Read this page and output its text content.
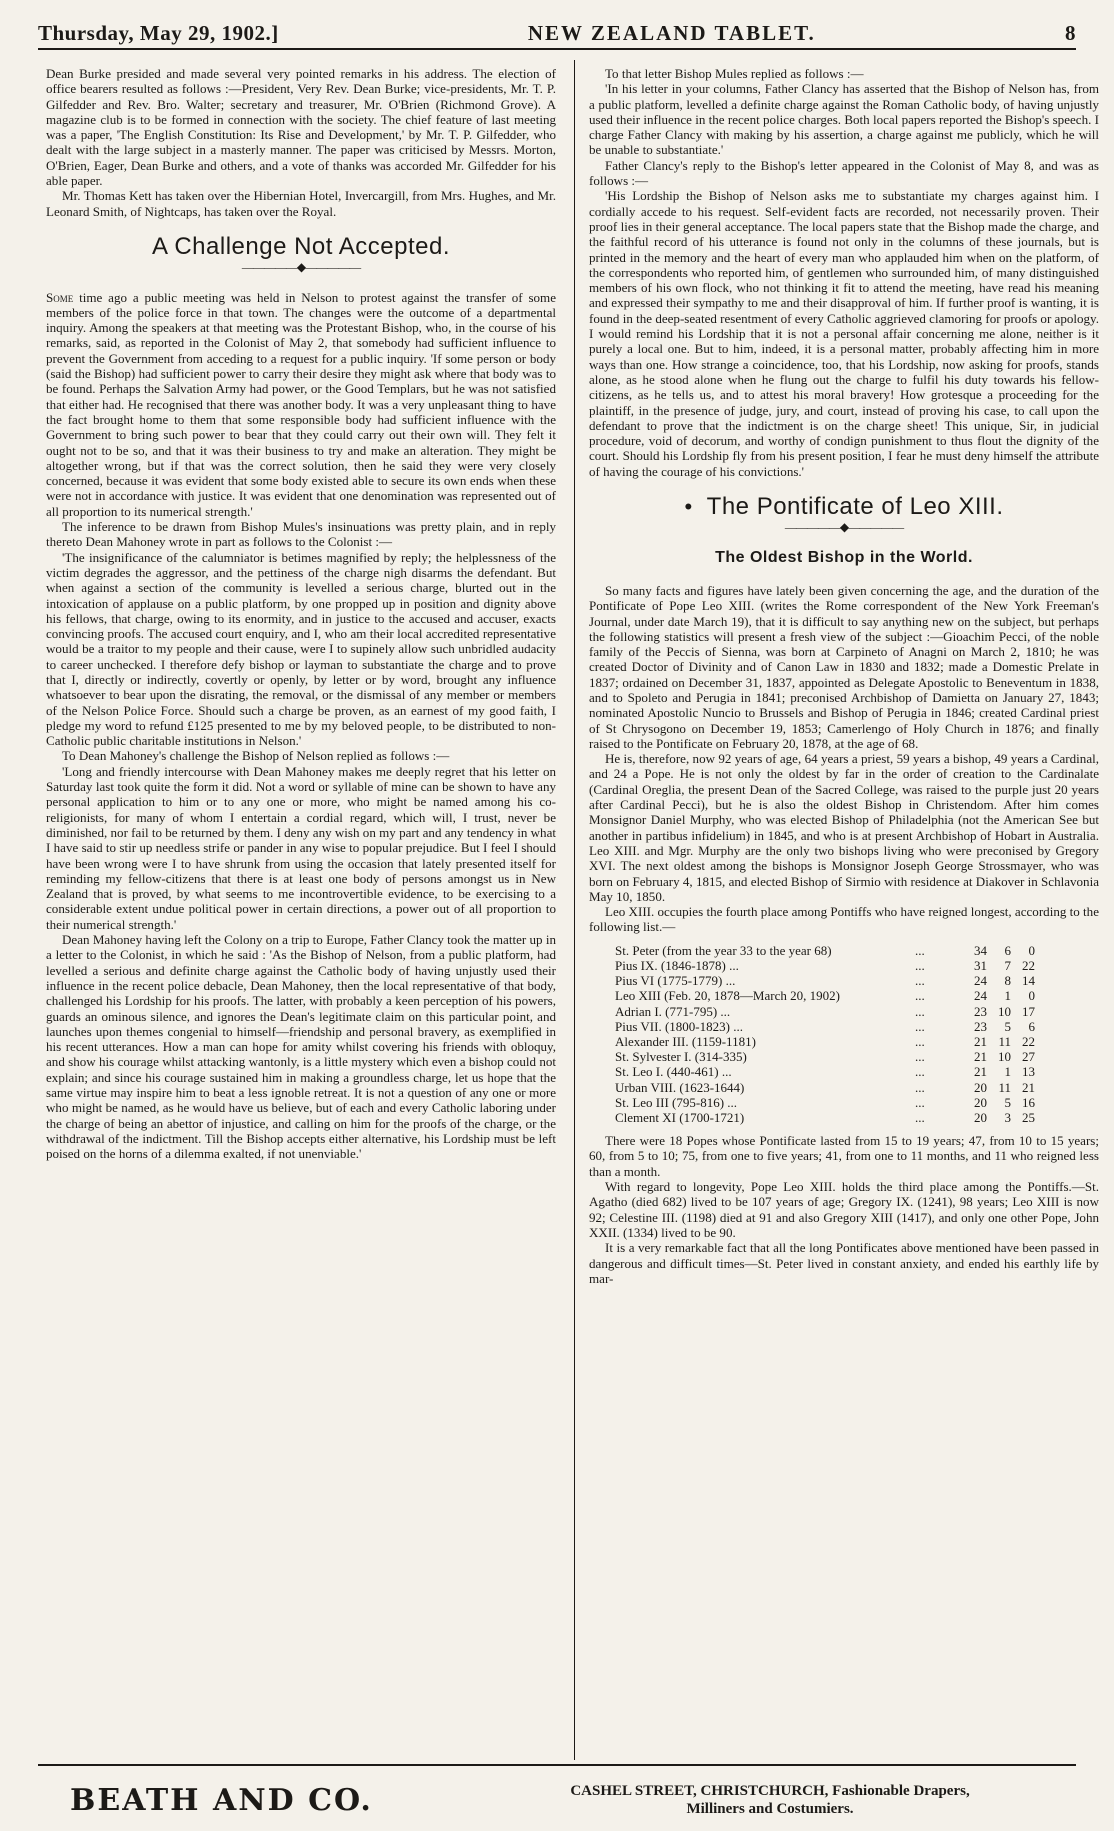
Thursday, May 29, 1902.]	NEW ZEALAND TABLET.	8

Dean Burke presided and made several very pointed remarks in his address. The election of office bearers resulted as follows :—President, Very Rev. Dean Burke; vice-presidents, Mr. T. P. Gilfedder and Rev. Bro. Walter; secretary and treasurer, Mr. O'Brien (Richmond Grove). A magazine club is to be formed in connection with the society. The chief feature of last meeting was a paper, 'The English Constitution: Its Rise and Development,' by Mr. T. P. Gilfedder, who dealt with the large subject in a masterly manner. The paper was criticised by Messrs. Morton, O'Brien, Eager, Dean Burke and others, and a vote of thanks was accorded Mr. Gilfedder for his able paper.

Mr. Thomas Kett has taken over the Hibernian Hotel, Invercargill, from Mrs. Hughes, and Mr. Leonard Smith, of Nightcaps, has taken over the Royal.

A Challenge Not Accepted.
—————◆—————

Some time ago a public meeting was held in Nelson to protest against the transfer of some members of the police force in that town. The changes were the outcome of a departmental inquiry. Among the speakers at that meeting was the Protestant Bishop, who, in the course of his remarks, said, as reported in the Colonist of May 2, that somebody had sufficient influence to prevent the Government from acceding to a request for a public inquiry. 'If some person or body (said the Bishop) had sufficient power to carry their desire they might ask where that body was to be found. Perhaps the Salvation Army had power, or the Good Templars, but he was not satisfied that either had. He recognised that there was another body. It was a very unpleasant thing to have the fact brought home to them that some responsible body had sufficient influence with the Government to bring such power to bear that they could carry out their own will. They felt it ought not to be so, and that it was their business to try and make an alteration. They might be altogether wrong, but if that was the correct solution, then he said they were very closely concerned, because it was evident that some body existed able to secure its own ends when these were not in accordance with justice. It was evident that one denomination was represented out of all proportion to its numerical strength.'

The inference to be drawn from Bishop Mules's insinuations was pretty plain, and in reply thereto Dean Mahoney wrote in part as follows to the Colonist :—

'The insignificance of the calumniator is betimes magnified by reply; the helplessness of the victim degrades the aggressor, and the pettiness of the charge nigh disarms the defendant. But when against a section of the community is levelled a serious charge, blurted out in the intoxication of applause on a public platform, by one propped up in position and dignity above his fellows, that charge, owing to its enormity, and in justice to the accused and accuser, exacts convincing proofs. The accused court enquiry, and I, who am their local accredited representative would be a traitor to my people and their cause, were I to supinely allow such unbridled audacity to career unchecked. I therefore defy bishop or layman to substantiate the charge and to prove that I, directly or indirectly, covertly or openly, by letter or by word, brought any influence whatsoever to bear upon the disrating, the removal, or the dismissal of any member or members of the Nelson Police Force. Should such a charge be proven, as an earnest of my good faith, I pledge my word to refund £125 presented to me by my beloved people, to be distributed to non-Catholic public charitable institutions in Nelson.'

To Dean Mahoney's challenge the Bishop of Nelson replied as follows :—

'Long and friendly intercourse with Dean Mahoney makes me deeply regret that his letter on Saturday last took quite the form it did. Not a word or syllable of mine can be shown to have any personal application to him or to any one or more, who might be named among his co-religionists, for many of whom I entertain a cordial regard, which will, I trust, never be diminished, nor fail to be returned by them. I deny any wish on my part and any tendency in what I have said to stir up needless strife or pander in any wise to popular prejudice. But I feel I should have been wrong were I to have shrunk from using the occasion that lately presented itself for reminding my fellow-citizens that there is at least one body of persons amongst us in New Zealand that is proved, by what seems to me incontrovertible evidence, to be exercising to a considerable extent undue political power in certain directions, a power out of all proportion to their numerical strength.'

Dean Mahoney having left the Colony on a trip to Europe, Father Clancy took the matter up in a letter to the Colonist, in which he said : 'As the Bishop of Nelson, from a public platform, had levelled a serious and definite charge against the Catholic body of having unjustly used their influence in the recent police debacle, Dean Mahoney, then the local representative of that body, challenged his Lordship for his proofs. The latter, with probably a keen perception of his powers, guards an ominous silence, and ignores the Dean's legitimate claim on this particular point, and launches upon themes congenial to himself—friendship and personal bravery, as exemplified in his recent utterances. How a man can hope for amity whilst covering his friends with obloquy, and show his courage whilst attacking wantonly, is a little mystery which even a bishop could not explain; and since his courage sustained him in making a groundless charge, let us hope that the same virtue may inspire him to beat a less ignoble retreat. It is not a question of any one or more who might be named, as he would have us believe, but of each and every Catholic laboring under the charge of being an abettor of injustice, and calling on him for the proofs of the charge, or the withdrawal of the indictment. Till the Bishop accepts either alternative, his Lordship must be left poised on the horns of a dilemma exalted, if not unenviable.'

To that letter Bishop Mules replied as follows :—

'In his letter in your columns, Father Clancy has asserted that the Bishop of Nelson has, from a public platform, levelled a definite charge against the Roman Catholic body, of having unjustly used their influence in the recent police charges. Both local papers reported the Bishop's speech. I charge Father Clancy with making by his assertion, a charge against me publicly, which he will be unable to substantiate.'

Father Clancy's reply to the Bishop's letter appeared in the Colonist of May 8, and was as follows :—

'His Lordship the Bishop of Nelson asks me to substantiate my charges against him. I cordially accede to his request. Self-evident facts are recorded, not necessarily proven. Their proof lies in their general acceptance. The local papers state that the Bishop made the charge, and the faithful record of his utterance is found not only in the columns of these journals, but is printed in the memory and the heart of every man who applauded him when on the platform, of the correspondents who reported him, of gentlemen who surrounded him, of many distinguished members of his own flock, who not thinking it fit to attend the meeting, have read his meaning and expressed their sympathy to me and their disapproval of him. If further proof is wanting, it is found in the deep-seated resentment of every Catholic aggrieved clamoring for proofs or apology. I would remind his Lordship that it is not a personal affair concerning me alone, neither is it purely a local one. But to him, indeed, it is a personal matter, probably affecting him in more ways than one. How strange a coincidence, too, that his Lordship, now asking for proofs, stands alone, as he stood alone when he flung out the charge to fulfil his duty towards his fellow-citizens, as he tells us, and to attest his moral bravery! How grotesque a proceeding for the plaintiff, in the presence of judge, jury, and court, instead of proving his case, to call upon the defendant to prove that the indictment is on the charge sheet! This unique, Sir, in judicial procedure, void of decorum, and worthy of condign punishment to thus flout the dignity of the court. Should his Lordship fly from his present position, I fear he must deny himself the attribute of having the courage of his convictions.'

• The Pontificate of Leo XIII.
—————◆—————
The Oldest Bishop in the World.

So many facts and figures have lately been given concerning the age, and the duration of the Pontificate of Pope Leo XIII. (writes the Rome correspondent of the New York Freeman's Journal, under date March 19), that it is difficult to say anything new on the subject, but perhaps the following statistics will present a fresh view of the subject :—Gioachim Pecci, of the noble family of the Peccis of Sienna, was born at Carpineto of Anagni on March 2, 1810; he was created Doctor of Divinity and of Canon Law in 1830 and 1832; made a Domestic Prelate in 1837; ordained on December 31, 1837, appointed as Delegate Apostolic to Beneventum in 1838, and to Spoleto and Perugia in 1841; preconised Archbishop of Damietta on January 27, 1843; nominated Apostolic Nuncio to Brussels and Bishop of Perugia in 1846; created Cardinal priest of St Chrysogono on December 19, 1853; Camerlengo of Holy Church in 1876; and finally raised to the Pontificate on February 20, 1878, at the age of 68.

He is, therefore, now 92 years of age, 64 years a priest, 59 years a bishop, 49 years a Cardinal, and 24 a Pope. He is not only the oldest by far in the order of creation to the Cardinalate (Cardinal Oreglia, the present Dean of the Sacred College, was raised to the purple just 20 years after Cardinal Pecci), but he is also the oldest Bishop in Christendom. After him comes Monsignor Daniel Murphy, who was elected Bishop of Philadelphia (not the American See but another in partibus infidelium) in 1845, and who is at present Archbishop of Hobart in Australia. Leo XIII. and Mgr. Murphy are the only two bishops living who were preconised by Gregory XVI. The next oldest among the bishops is Monsignor Joseph George Strossmayer, who was born on February 4, 1815, and elected Bishop of Sirmio with residence at Diakover in Schlavonia May 10, 1850.

Leo XIII. occupies the fourth place among Pontiffs who have reigned longest, according to the following list.—

St. Peter (from the year 33 to the year 68)	...	34	6	0
Pius IX. (1846-1878) ...	...	31	7	22
Pius VI (1775-1779) ...	...	24	8	14
Leo XIII (Feb. 20, 1878—March 20, 1902)	...	24	1	0
Adrian I. (771-795) ...	...	23	10	17
Pius VII. (1800-1823) ...	...	23	5	6
Alexander III. (1159-1181)	...	21	11	22
St. Sylvester I. (314-335)	...	21	10	27
St. Leo I. (440-461) ...	...	21	1	13
Urban VIII. (1623-1644)	...	20	11	21
St. Leo III (795-816) ...	...	20	5	16
Clement XI (1700-1721)	...	20	3	25

There were 18 Popes whose Pontificate lasted from 15 to 19 years; 47, from 10 to 15 years; 60, from 5 to 10; 75, from one to five years; 41, from one to 11 months, and 11 who reigned less than a month.

With regard to longevity, Pope Leo XIII. holds the third place among the Pontiffs.—St. Agatho (died 682) lived to be 107 years of age; Gregory IX. (1241), 98 years; Leo XIII is now 92; Celestine III. (1198) died at 91 and also Gregory XIII (1417), and only one other Pope, John XXII. (1334) lived to be 90.

It is a very remarkable fact that all the long Pontificates above mentioned have been passed in dangerous and difficult times—St. Peter lived in constant anxiety, and ended his earthly life by mar-

BEATH AND CO.	CASHEL STREET, CHRISTCHURCH, Fashionable Drapers,
Milliners and Costumiers.
